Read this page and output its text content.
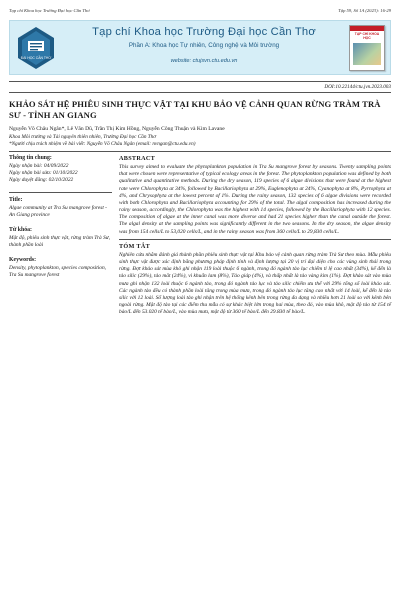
Tạp chí Khoa học Trường Đại học Cần Thơ	Tập 59, Số 1A (2023): 16-29
ĐẠI HỌC CẦN THƠ
Tạp chí Khoa học Trường Đại học Cần Thơ
Phần A: Khoa học Tự nhiên, Công nghệ và Môi trường
website: ctujsvn.ctu.edu.vn
TẠP CHÍ KHOA HỌC
DOI:10.22144/ctu.jvn.2023.003
KHẢO SÁT HỆ PHIÊU SINH THỰC VẬT TẠI KHU BẢO VỆ CẢNH QUAN RỪNG TRÀM TRÀ SƯ - TỈNH AN GIANG
Nguyễn Võ Châu Ngân*, Lê Văn Dũ, Trần Thị Kim Hồng, Nguyễn Công Thuận và Kim Lavane
Khoa Môi trường và Tài nguyên thiên nhiên, Trường Đại học Cần Thơ
*Người chịu trách nhiệm về bài viết: Nguyễn Võ Châu Ngân (email: nvngan@ctu.edu.vn)
Thông tin chung:
Ngày nhận bài: 04/09/2022
Ngày nhận bài sửa: 01/10/2022
Ngày duyệt đăng: 02/10/2022
Title:
Algae community at Tra Su mangrove forest - An Giang province
Từ khóa:
Mật độ, phiêu sinh thực vật, rừng tràm Trà Sư, thành phần loài
Keywords:
Density, phytoplankton, species composition, Tra Su mangrove forest
ABSTRACT
This survey aimed to evaluate the phytoplankton population in Tra Su mangrove forest by seasons. Twenty sampling points that were chosen were representative of typical ecology areas in the forest. The phytoplankton population was defined by both qualitative and quantitative methods. During the dry season, 119 species of 6 algae divisions that were found at the highest rate were Chlorophyta at 34%, followed by Bacillariophyta at 29%, Euglenophyta at 24%, Cyanophyta at 8%, Pyrrophyta at 4%, and Chrysophyta at the lowest percent of 1%. During the rainy season, 132 species of 6 algae divisions were recorded with both Chlorophyta and Bacillariophyta accounting for 29% of the total. The algal composition has increased during the rainy season, accordingly, the Chlorophyta was the highest with 14 species, followed by the Bacillariophyta with 12 species. The composition of algae at the inner canal was more diverse and had 21 species higher than the canal outside the forest. The algal density at the sampling points was significantly different in the two seasons. In the dry season, the algae density was from 154 cells/L to 53,020 cells/L, and in the rainy season was from 360 cells/L to 29,830 cells/L.
TÓM TẮT
Nghiên cứu nhằm đánh giá thành phần phiêu sinh thực vật tại Khu bảo vệ cảnh quan rừng tràm Trà Sư theo mùa. Mẫu phiêu sinh thực vật được xác định bằng phương pháp định tính và định lượng tại 20 vị trí đại diện cho các vùng sinh thái trong rừng. Đợt khảo sát mùa khô ghi nhận 119 loài thuộc 6 ngành, trong đó ngành tảo lục chiếm tỉ lệ cao nhất (34%), kế đến là tảo silic (29%), tảo mắt (24%), vi khuẩn lam (8%), Tảo giáp (4%), và thấp nhất là tảo vàng kim (1%). Đợt khảo sát vào mùa mưa ghi nhận 132 loài thuộc 6 ngành tảo, trong đó ngành tảo lục và tảo silic chiếm ưu thế với 29% tổng số loài khảo sát. Các ngành tảo đều có thành phần loài tăng trong mùa mưa, trong đó ngành tảo lục tăng cao nhất với 14 loài, kế đến là tảo silic với 12 loài. Số lượng loài tảo ghi nhận trên hệ thống kênh bên trong rừng đa dạng và nhiều hơn 21 loài so với kênh bên ngoài rừng. Mật độ tảo tại các điểm thu mẫu có sự khác biệt lớn trong hai mùa, theo đó, vào mùa khô, mật độ tảo từ 154 tế bào/L đến 53.020 tế bào/L, vào mùa mưa, mật độ từ 360 tế bào/L đến 29.830 tế bào/L.
